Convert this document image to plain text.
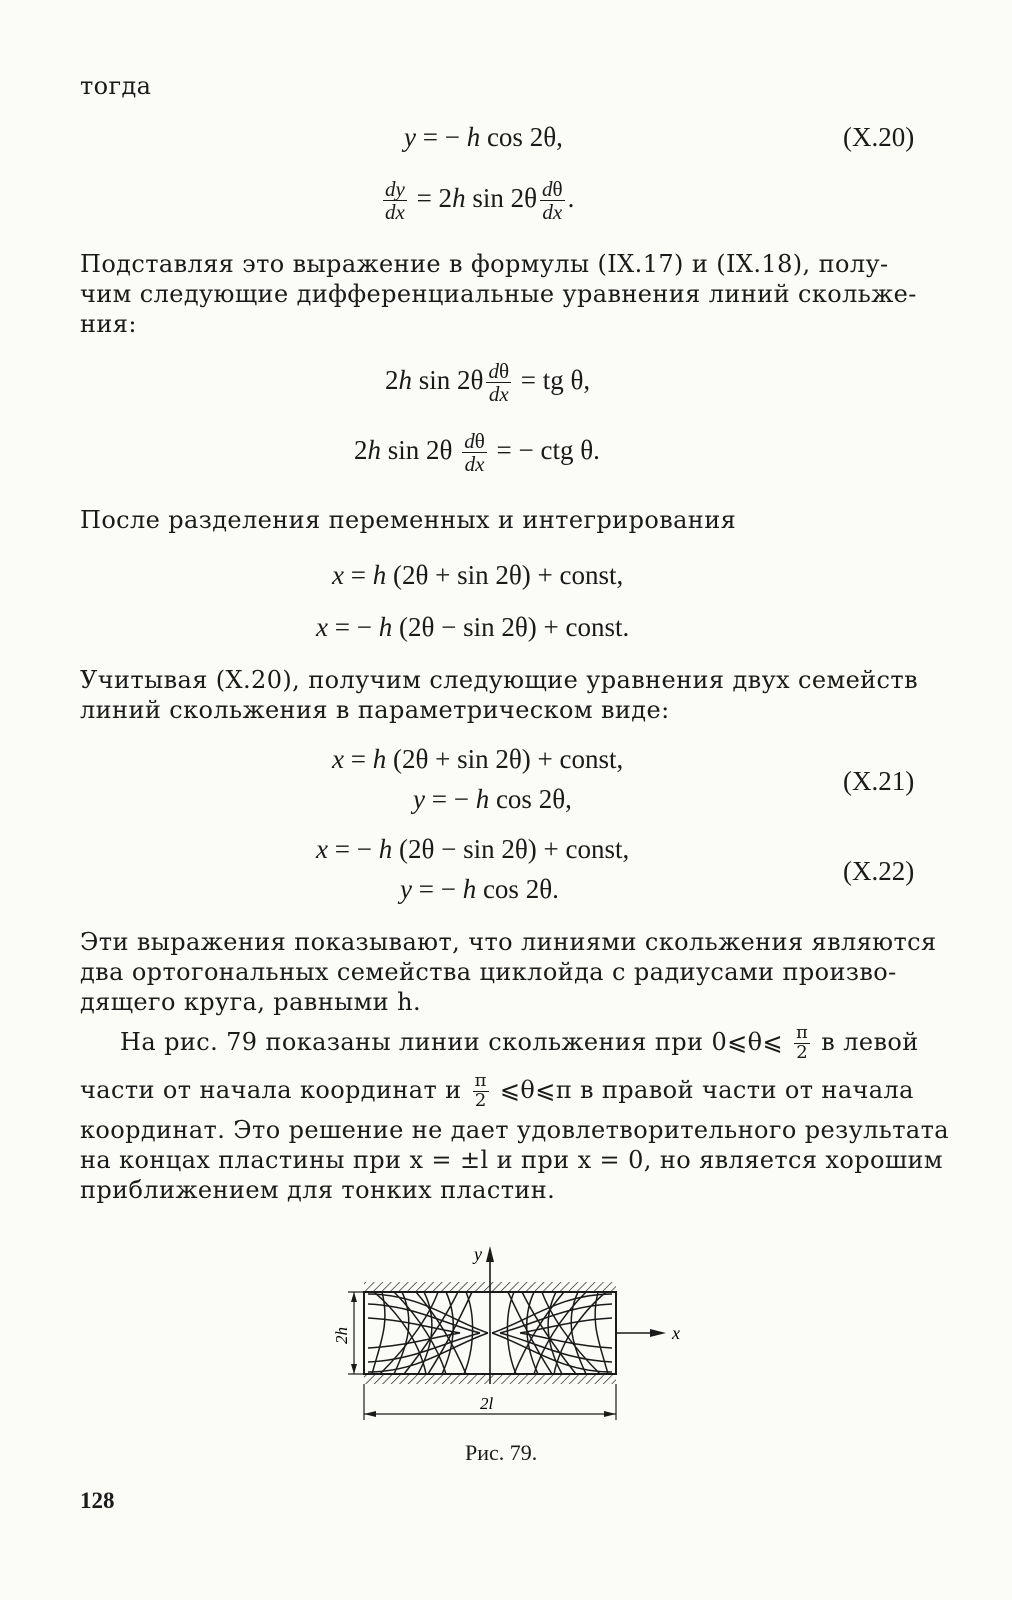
тогда
y = − h cos 2θ,	(X.20)
$\frac{dy}{dx} = 2h$ $\sin 2\theta \frac{d\theta}{dx}$ .
Подставляя это выражение в формулы (IX.17) и (IX.18), полу-
чим следующие дифференциальные уравнения линий скольже-
ния:
2h $\sin 2\theta \frac{d\theta}{dx}$ = tg θ,
2h $\sin 2\theta \frac{d\theta}{dx}$ = − ctg θ.
После разделения переменных и интегрирования
x = h (2θ + sin 2θ) + const,
x = − h (2θ − sin 2θ) + const.
Учитывая (X.20), получим следующие уравнения двух семейств
линий скольжения в параметрическом виде:
x = h (2θ + sin 2θ) + const,
y = − h cos 2θ,
(X.21)
x = − h (2θ − sin 2θ) + const,
y = − h cos 2θ.
(X.22)
Эти выражения показывают, что линиями скольжения являются
два ортогональных семейства циклойда с радиусами произво-
дящего круга, равными h.
На рис. 79 показаны линии скольжения при 0⩽θ⩽ $\frac{\pi}{2}$ в левой
части от начала координат и $\frac{\pi}{2}$ ⩽θ⩽π в правой части от начала
координат. Это решение не дает удовлетворительного результата
на концах пластины при x = ±l и при x = 0, но является хорошим
приближением для тонких пластин.
y
x
2h
2l
Рис. 79.
128
